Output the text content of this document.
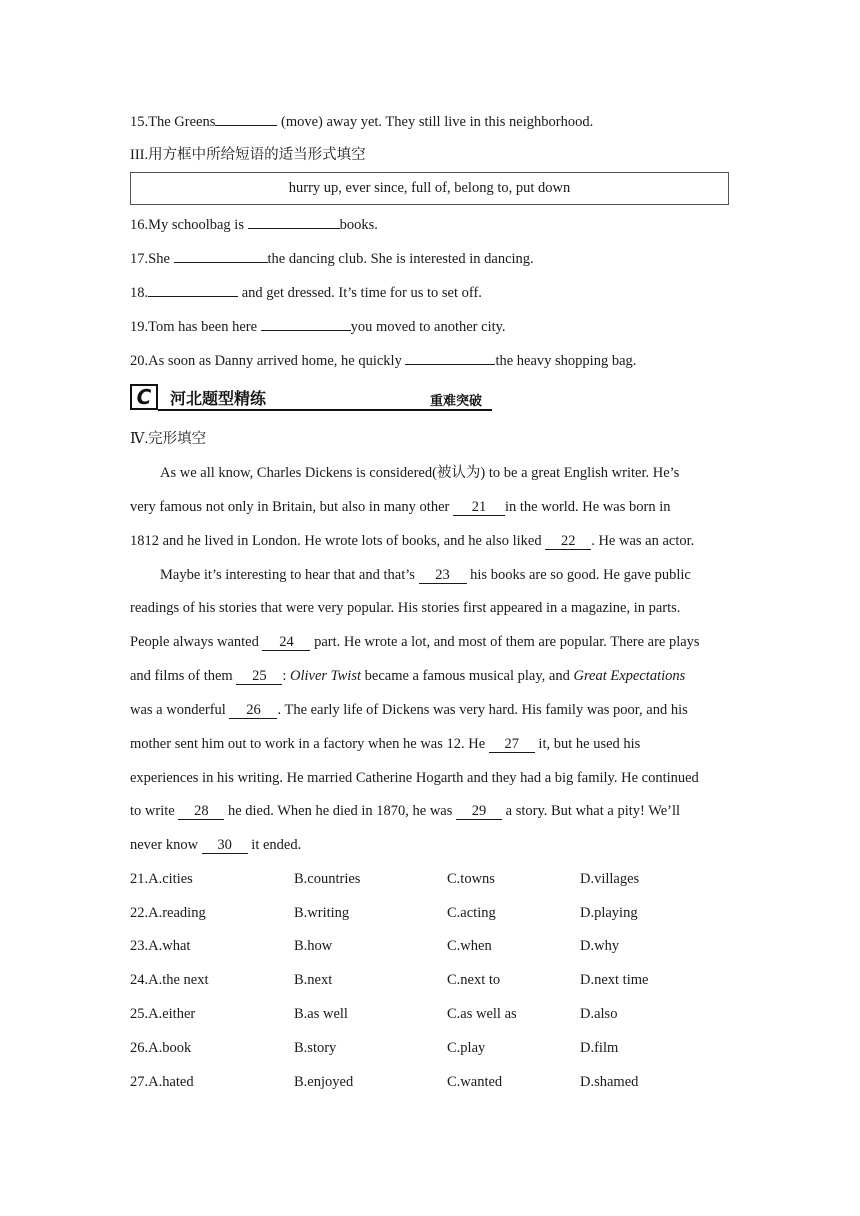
15.The Greens	(move) away yet. They still live in this neighborhood.
III.用方框中所给短语的适当形式填空
hurry up, ever since, full of, belong to, put down
16.My schoolbag is	books.
17.She	the dancing club. She is interested in dancing.
18.	and get dressed. It’s time for us to set off.
19.Tom has been here	you moved to another city.
20.As soon as Danny arrived home, he quickly	the heavy shopping bag.
C	河北题型精练	重难突破
Ⅳ.完形填空
As we all know, Charles Dickens is considered(被认为) to be a great English writer. He’s
very famous not only in Britain, but also in many other 21 in the world. He was born in
1812 and he lived in London. He wrote lots of books, and he also liked 22 . He was an actor.
Maybe it’s interesting to hear that and that’s 23 his books are so good. He gave public
readings of his stories that were very popular. His stories first appeared in a magazine, in parts.
People always wanted 24 part. He wrote a lot, and most of them are popular. There are plays
and films of them 25 : Oliver Twist became a famous musical play, and Great Expectations
was a wonderful 26 . The early life of Dickens was very hard. His family was poor, and his
mother sent him out to work in a factory when he was 12. He 27 it, but he used his
experiences in his writing. He married Catherine Hogarth and they had a big family. He continued
to write 28 he died. When he died in 1870, he was 29 a story. But what a pity! We’ll
never know 30 it ended.
21.A.cities	B.countries	C.towns	D.villages
22.A.reading	B.writing	C.acting	D.playing
23.A.what	B.how	C.when	D.why
24.A.the next	B.next	C.next to	D.next time
25.A.either	B.as well	C.as well as	D.also
26.A.book	B.story	C.play	D.film
27.A.hated	B.enjoyed	C.wanted	D.shamed
